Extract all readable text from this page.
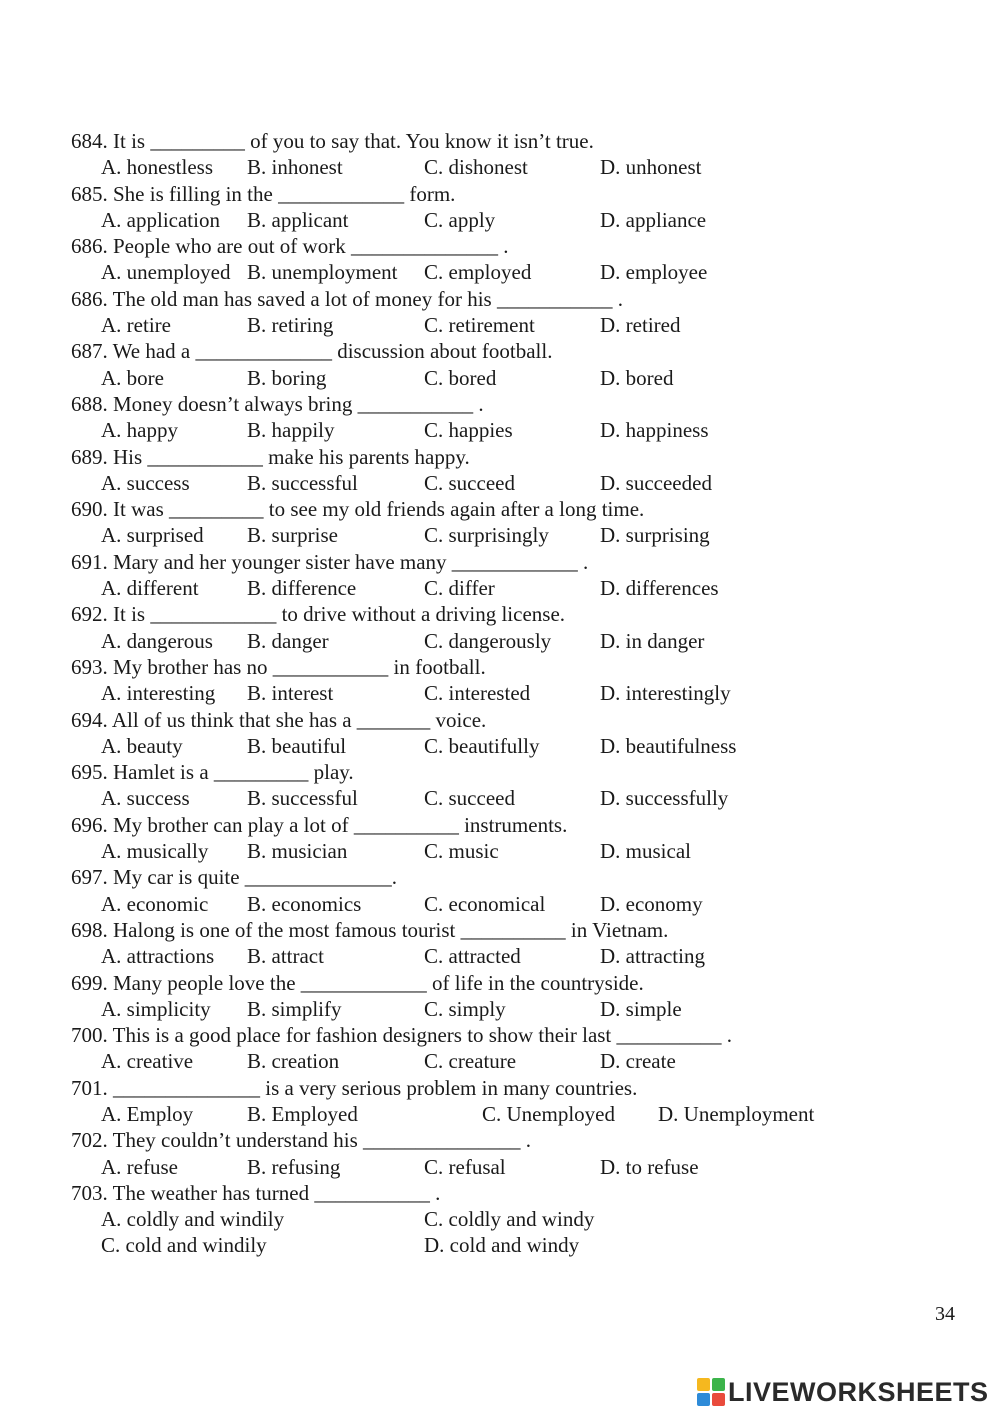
684. It is _________ of you to say that. You know it isn’t true.
A. honestless B. inhonest	C. dishonest	D. unhonest
685. She is filling in the ____________ form.
A. application B. applicant	C. apply	D. appliance
686. People who are out of work ______________ .
A. unemployed B. unemployment C. employed	D. employee
686. The old man has saved a lot of money for his ___________ .
A. retire	B. retiring	C. retirement	D. retired
687. We had a _____________ discussion about football.
A. bore	B. boring	C. bored	D. bored
688. Money doesn’t always bring ___________ .
A. happy	B. happily	C. happies	D. happiness
689. His ___________ make his parents happy.
A. success	B. successful	C. succeed	D. succeeded
690. It was _________ to see my old friends again after a long time.
A. surprised B. surprise	C. surprisingly D. surprising
691. Mary and her younger sister have many ____________ .
A. different B. difference	C. differ	D. differences
692. It is ____________ to drive without a driving license.
A. dangerous B. danger	C. dangerously D. in danger
693. My brother has no ___________ in football.
A. interesting B. interest	C. interested	D. interestingly
694. All of us think that she has a _______ voice.
A. beauty	B. beautiful	C. beautifully	D. beautifulness
695. Hamlet is a _________ play.
A. success	B. successful	C. succeed	D. successfully
696. My brother can play a lot of __________ instruments.
A. musically B. musician	C. music	D. musical
697. My car is quite ______________.
A. economic B. economics	C. economical	D. economy
698. Halong is one of the most famous tourist __________ in Vietnam.
A. attractions B. attract	C. attracted	D. attracting
699. Many people love the ____________ of life in the countryside.
A. simplicity B. simplify	C. simply	D. simple
700. This is a good place for fashion designers to show their last __________ .
A. creative	B. creation	C. creature	D. create
701. ______________ is a very serious problem in many countries.
A. Employ	B. Employed	C. Unemployed D. Unemployment
702. They couldn’t understand his _______________ .
A. refuse	B. refusing	C. refusal	D. to refuse
703. The weather has turned ___________ .
A. coldly and windily	C. coldly and windy
C. cold and windily	D. cold and windy
34
LIVEWORKSHEETS
